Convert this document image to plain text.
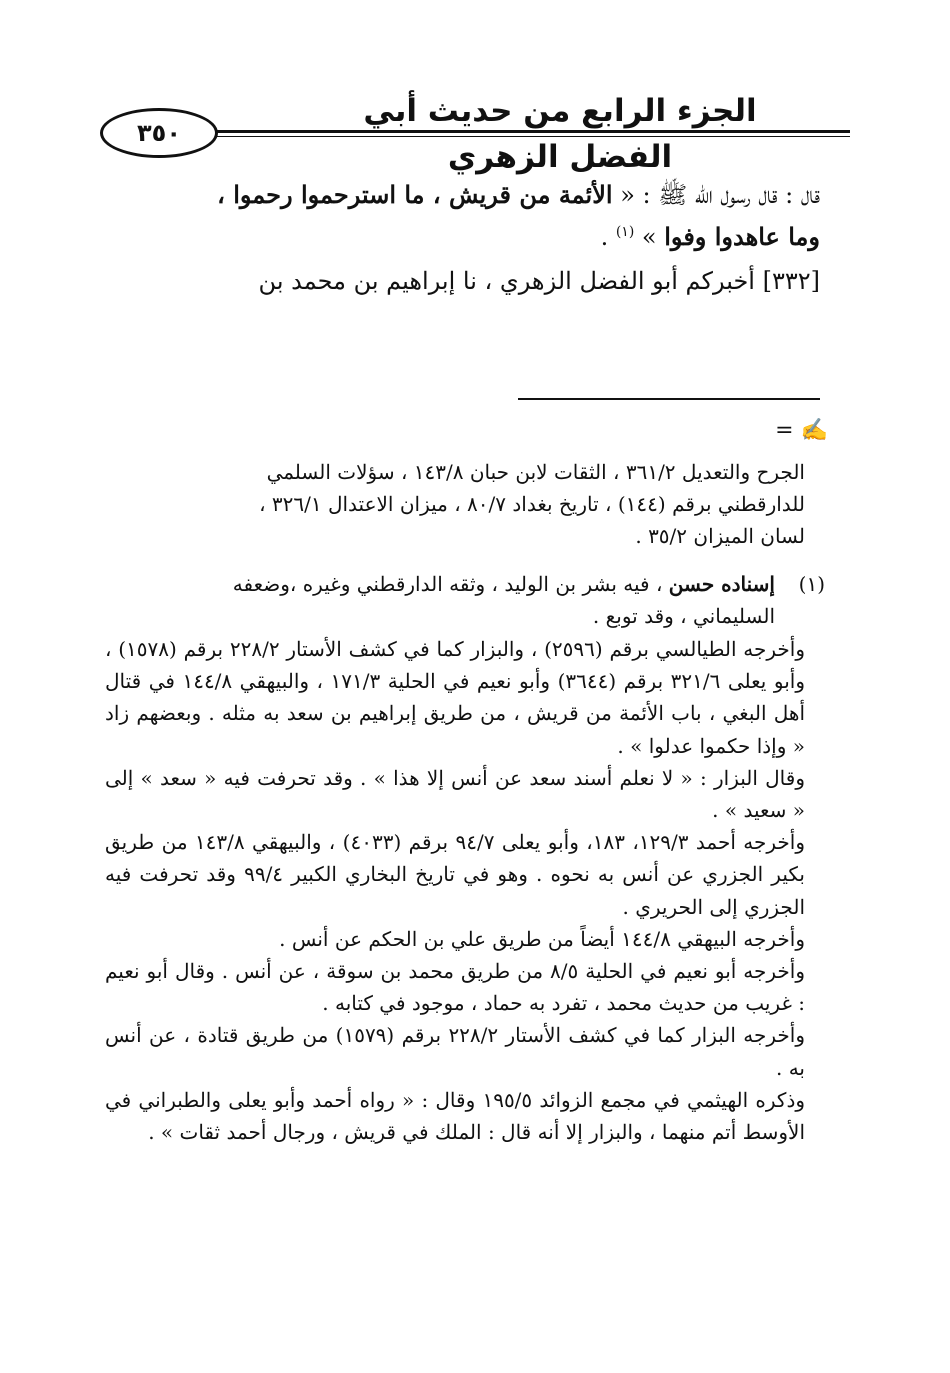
الجزء الرابع من حديث أبي الفضل الزهري
٣٥٠
قال : قال رسول الله ﷺ : « الأئمة من قريش ، ما استرحموا رحموا ،
وما عاهدوا وفوا » $^{(١)}$ .
[٣٣٢] أخبركم أبو الفضل الزهري ، نا إبراهيم بن محمد بن
= ✍

الجرح والتعديل ٣٦١/٢ ، الثقات لابن حبان ١٤٣/٨ ، سؤلات السلمي

للدارقطني برقم (١٤٤) ، تاريخ بغداد ٨٠/٧ ، ميزان الاعتدال ٣٢٦/١ ،

لسان الميزان ٣٥/٢ .

(١)

إسناده حسن ، فيه بشر بن الوليد ، وثقه الدارقطني وغيره ،وضعفه

السليماني ، وقد توبع .

وأخرجه الطيالسي برقم (٢٥٩٦) ، والبزار كما في كشف الأستار ٢٢٨/٢ برقم (١٥٧٨) ، وأبو يعلى ٣٢١/٦ برقم (٣٦٤٤) وأبو نعيم في الحلية ١٧١/٣ ، والبيهقي ١٤٤/٨ في قتال أهل البغي ، باب الأئمة من قريش ، من طريق إبراهيم بن سعد به مثله . وبعضهم زاد « وإذا حكموا عدلوا » .

وقال البزار : « لا نعلم أسند سعد عن أنس إلا هذا » . وقد تحرفت فيه « سعد » إلى « سعيد » .

وأخرجه أحمد ١٢٩/٣، ١٨٣، وأبو يعلى ٩٤/٧ برقم (٤٠٣٣) ، والبيهقي ١٤٣/٨ من طريق بكير الجزري عن أنس به نحوه . وهو في تاريخ البخاري الكبير ٩٩/٤ وقد تحرفت فيه الجزري إلى الحريري .

وأخرجه البيهقي ١٤٤/٨ أيضاً من طريق علي بن الحكم عن أنس .

وأخرجه أبو نعيم في الحلية ٨/٥ من طريق محمد بن سوقة ، عن أنس . وقال أبو نعيم : غريب من حديث محمد ، تفرد به حماد ، موجود في كتابه .

وأخرجه البزار كما في كشف الأستار ٢٢٨/٢ برقم (١٥٧٩) من طريق قتادة ، عن أنس به .

وذكره الهيثمي في مجمع الزوائد ١٩٥/٥ وقال : « رواه أحمد وأبو يعلى والطبراني في الأوسط أتم منهما ، والبزار إلا أنه قال : الملك في قريش ، ورجال أحمد ثقات » .
